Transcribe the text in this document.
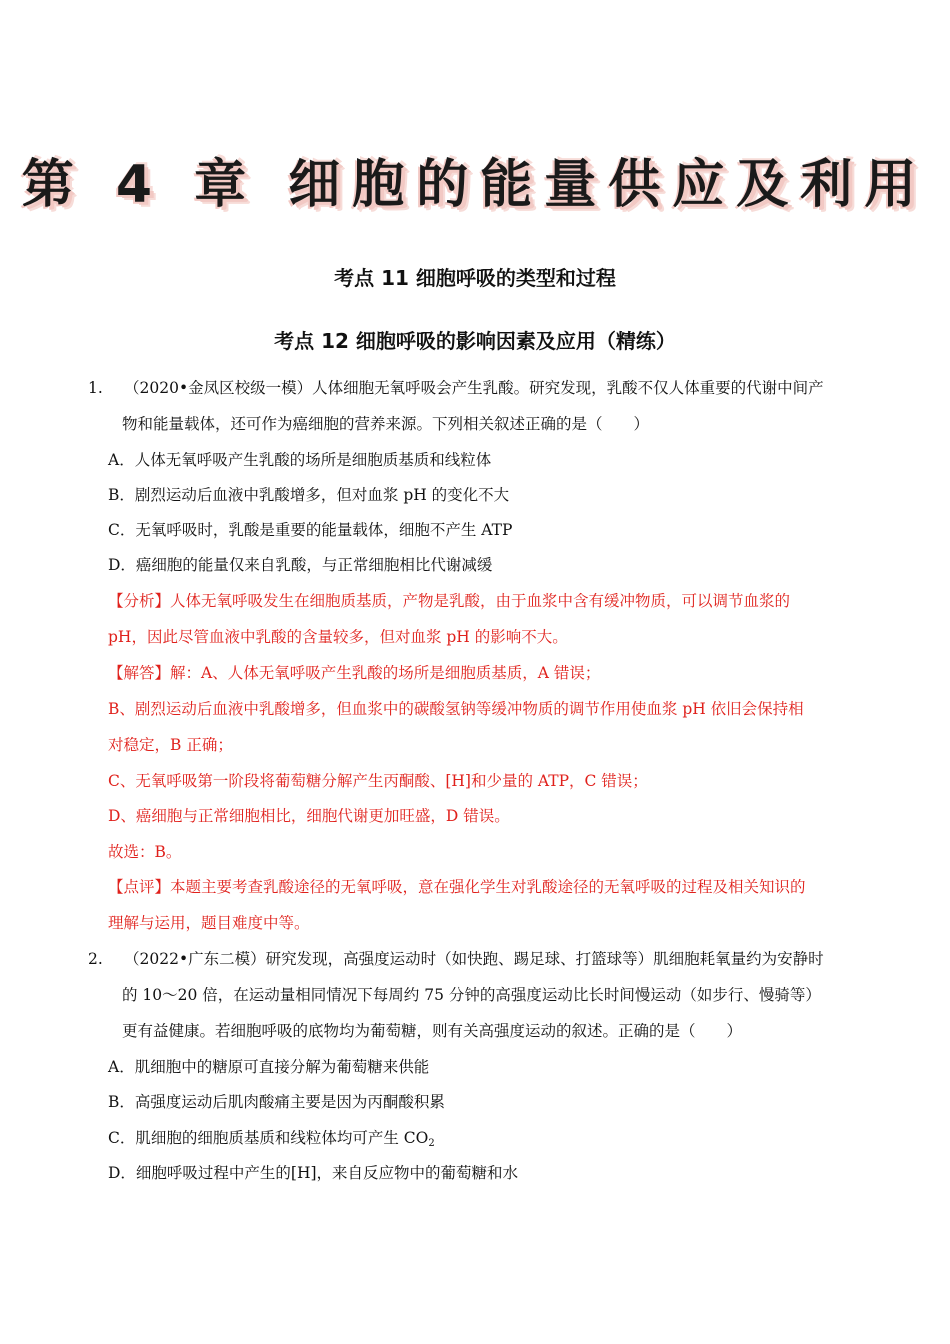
第 4 章 细胞的能量供应及利用
考点 11 细胞呼吸的类型和过程
考点 12 细胞呼吸的影响因素及应用（精练）
1. （2020•金凤区校级一模）人体细胞无氧呼吸会产生乳酸。研究发现，乳酸不仅人体重要的代谢中间产
物和能量载体，还可作为癌细胞的营养来源。下列相关叙述正确的是（　　）
A．人体无氧呼吸产生乳酸的场所是细胞质基质和线粒体
B．剧烈运动后血液中乳酸增多，但对血浆 pH 的变化不大
C．无氧呼吸时，乳酸是重要的能量载体，细胞不产生 ATP
D．癌细胞的能量仅来自乳酸，与正常细胞相比代谢减缓
【分析】人体无氧呼吸发生在细胞质基质，产物是乳酸，由于血浆中含有缓冲物质，可以调节血浆的
pH，因此尽管血液中乳酸的含量较多，但对血浆 pH 的影响不大。
【解答】解：A、人体无氧呼吸产生乳酸的场所是细胞质基质，A 错误；
B、剧烈运动后血液中乳酸增多，但血浆中的碳酸氢钠等缓冲物质的调节作用使血浆 pH 依旧会保持相
对稳定，B 正确；
C、无氧呼吸第一阶段将葡萄糖分解产生丙酮酸、[H]和少量的 ATP，C 错误；
D、癌细胞与正常细胞相比，细胞代谢更加旺盛，D 错误。
故选：B。
【点评】本题主要考查乳酸途径的无氧呼吸，意在强化学生对乳酸途径的无氧呼吸的过程及相关知识的
理解与运用，题目难度中等。
2. （2022•广东二模）研究发现，高强度运动时（如快跑、踢足球、打篮球等）肌细胞耗氧量约为安静时
的 10～20 倍，在运动量相同情况下每周约 75 分钟的高强度运动比长时间慢运动（如步行、慢骑等）
更有益健康。若细胞呼吸的底物均为葡萄糖，则有关高强度运动的叙述。正确的是（　　）
A．肌细胞中的糖原可直接分解为葡萄糖来供能
B．高强度运动后肌肉酸痛主要是因为丙酮酸积累
C．肌细胞的细胞质基质和线粒体均可产生 $CO_2$
D．细胞呼吸过程中产生的[H]，来自反应物中的葡萄糖和水
